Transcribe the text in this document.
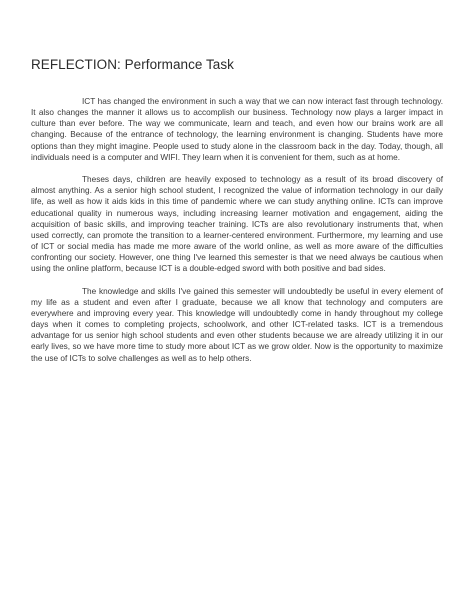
REFLECTION: Performance Task

ICT has changed the environment in such a way that we can now interact fast through technology. It also changes the manner it allows us to accomplish our business. Technology now plays a larger impact in culture than ever before. The way we communicate, learn and teach, and even how our brains work are all changing. Because of the entrance of technology, the learning environment is changing. Students have more options than they might imagine. People used to study alone in the classroom back in the day. Today, though, all individuals need is a computer and WIFI. They learn when it is convenient for them, such as at home.

Theses days, children are heavily exposed to technology as a result of its broad discovery of almost anything. As a senior high school student, I recognized the value of information technology in our daily life, as well as how it aids kids in this time of pandemic where we can study anything online. ICTs can improve educational quality in numerous ways, including increasing learner motivation and engagement, aiding the acquisition of basic skills, and improving teacher training. ICTs are also revolutionary instruments that, when used correctly, can promote the transition to a learner-centered environment. Furthermore, my learning and use of ICT or social media has made me more aware of the world online, as well as more aware of the difficulties confronting our society. However, one thing I've learned this semester is that we need always be cautious when using the online platform, because ICT is a double-edged sword with both positive and bad sides.

The knowledge and skills I've gained this semester will undoubtedly be useful in every element of my life as a student and even after I graduate, because we all know that technology and computers are everywhere and improving every year. This knowledge will undoubtedly come in handy throughout my college days when it comes to completing projects, schoolwork, and other ICT-related tasks. ICT is a tremendous advantage for us senior high school students and even other students because we are already utilizing it in our early lives, so we have more time to study more about ICT as we grow older. Now is the opportunity to maximize the use of ICTs to solve challenges as well as to help others.
